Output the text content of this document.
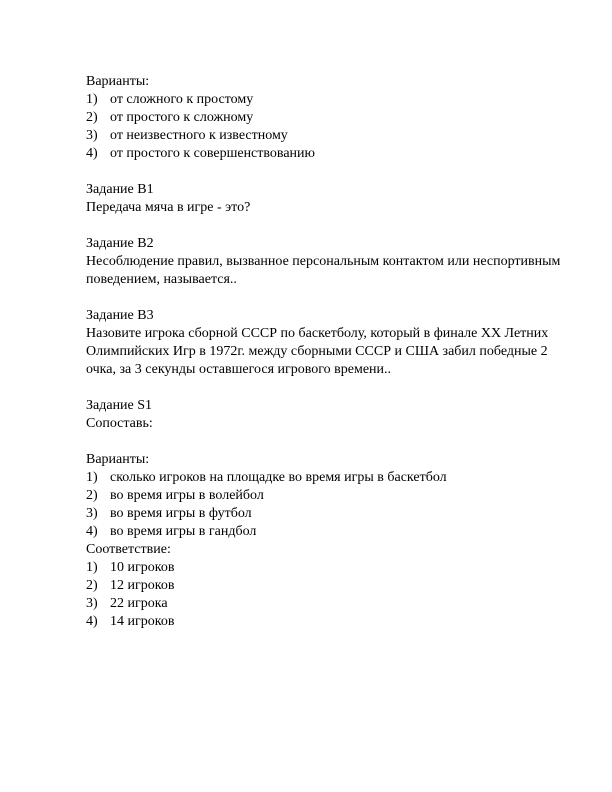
Варианты:
1) от сложного к простому
2) от простого к сложному
3) от неизвестного к известному
4) от простого к совершенствованию
Задание B1
Передача мяча в игре - это?
Задание B2
Несоблюдение правил, вызванное персональным контактом или неспортивным
поведением, называется..
Задание B3
Назовите игрока сборной СССР по баскетболу, который в финале XX Летних
Олимпийских Игр в 1972г. между сборными СССР и США забил победные 2
очка, за 3 секунды оставшегося игрового времени..
Задание S1
Сопоставь:
Варианты:
1) сколько игроков на площадке во время игры в баскетбол
2) во время игры в волейбол
3) во время игры в футбол
4) во время игры в гандбол
Соответствие:
1) 10 игроков
2) 12 игроков
3) 22 игрока
4) 14 игроков
